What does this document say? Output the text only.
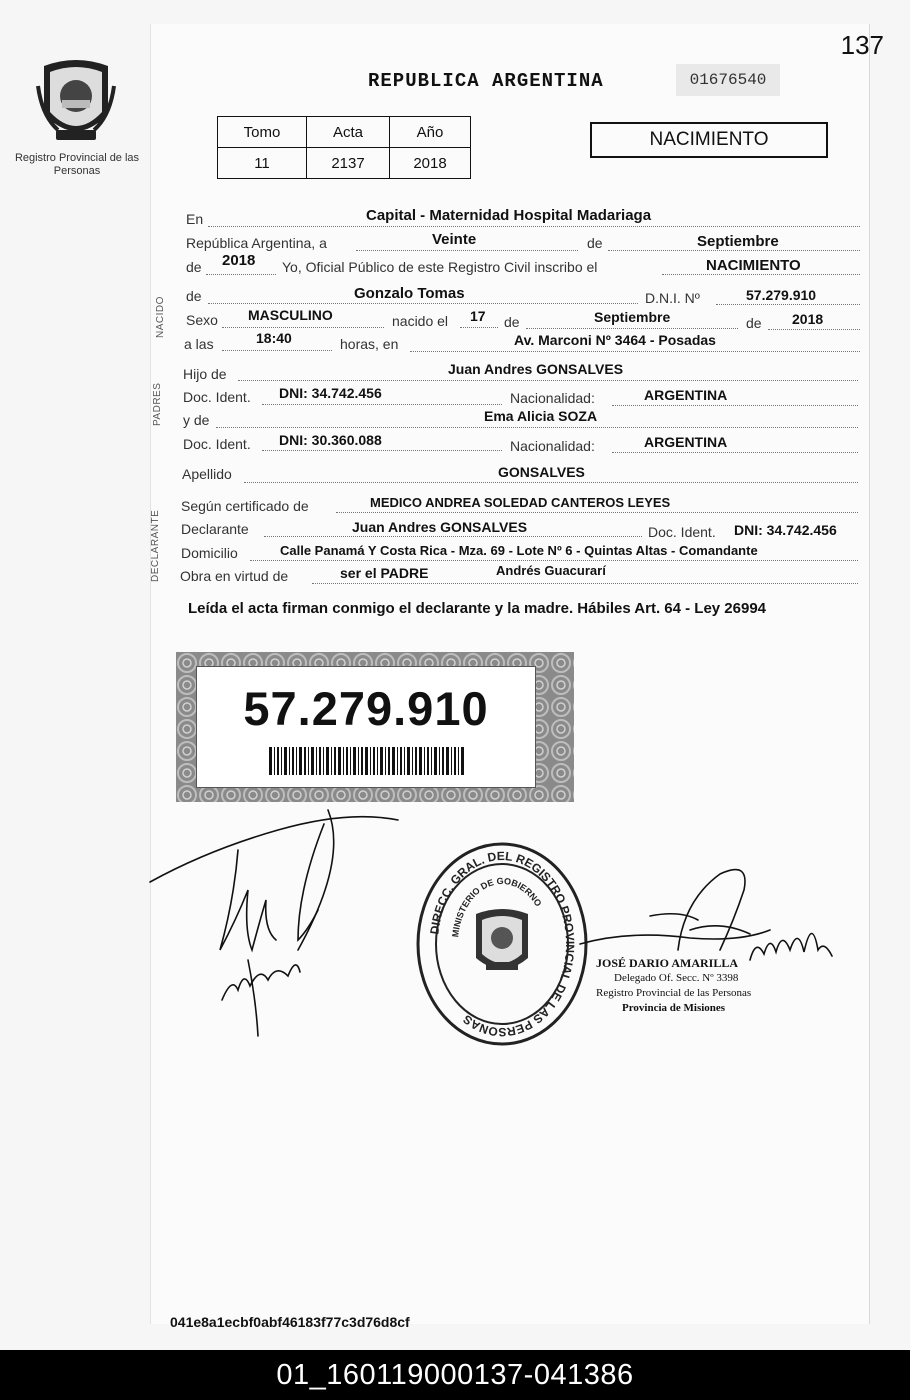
137
Registro Provincial de las Personas
REPUBLICA ARGENTINA	01676540
Tomo	Acta	Año
11	2137	2018
NACIMIENTO
NACIDO
PADRES
DECLARANTE
En	Capital - Maternidad Hospital Madariaga
República Argentina, a	Veinte	de	Septiembre
de 2018 Yo, Oficial Público de este Registro Civil inscribo el	NACIMIENTO
de	Gonzalo Tomas	D.N.I. Nº	57.279.910
Sexo MASCULINO	nacido el 17 de	Septiembre	de 2018
a las	18:40	horas, en	Av. Marconi Nº 3464 - Posadas
Hijo de	Juan Andres GONSALVES
Doc. Ident. DNI: 34.742.456	Nacionalidad:	ARGENTINA
y de	Ema Alicia SOZA
Doc. Ident. DNI: 30.360.088	Nacionalidad:	ARGENTINA
Apellido	GONSALVES
Según certificado de	MEDICO ANDREA SOLEDAD CANTEROS LEYES
Declarante	Juan Andres GONSALVES	Doc. Ident. DNI: 34.742.456
Domicilio	Calle Panamá Y Costa Rica - Mza. 69 - Lote Nº 6 - Quintas Altas - Comandante
Obra en virtud de	ser el PADRE	Andrés Guacurarí
Leída el acta firman conmigo el declarante y la madre. Hábiles Art. 64 - Ley 26994
57.279.910
DIRECC. GRAL. DEL REGISTRO PROVINCIAL DE LAS PERSONAS
MINISTERIO DE GOBIERNO
JOSÉ DARIO AMARILLA
Delegado Of. Secc. Nº 3398
Registro Provincial de las Personas
Provincia de Misiones
041e8a1ecbf0abf46183f77c3d76d8cf
01_160119000137-041386
